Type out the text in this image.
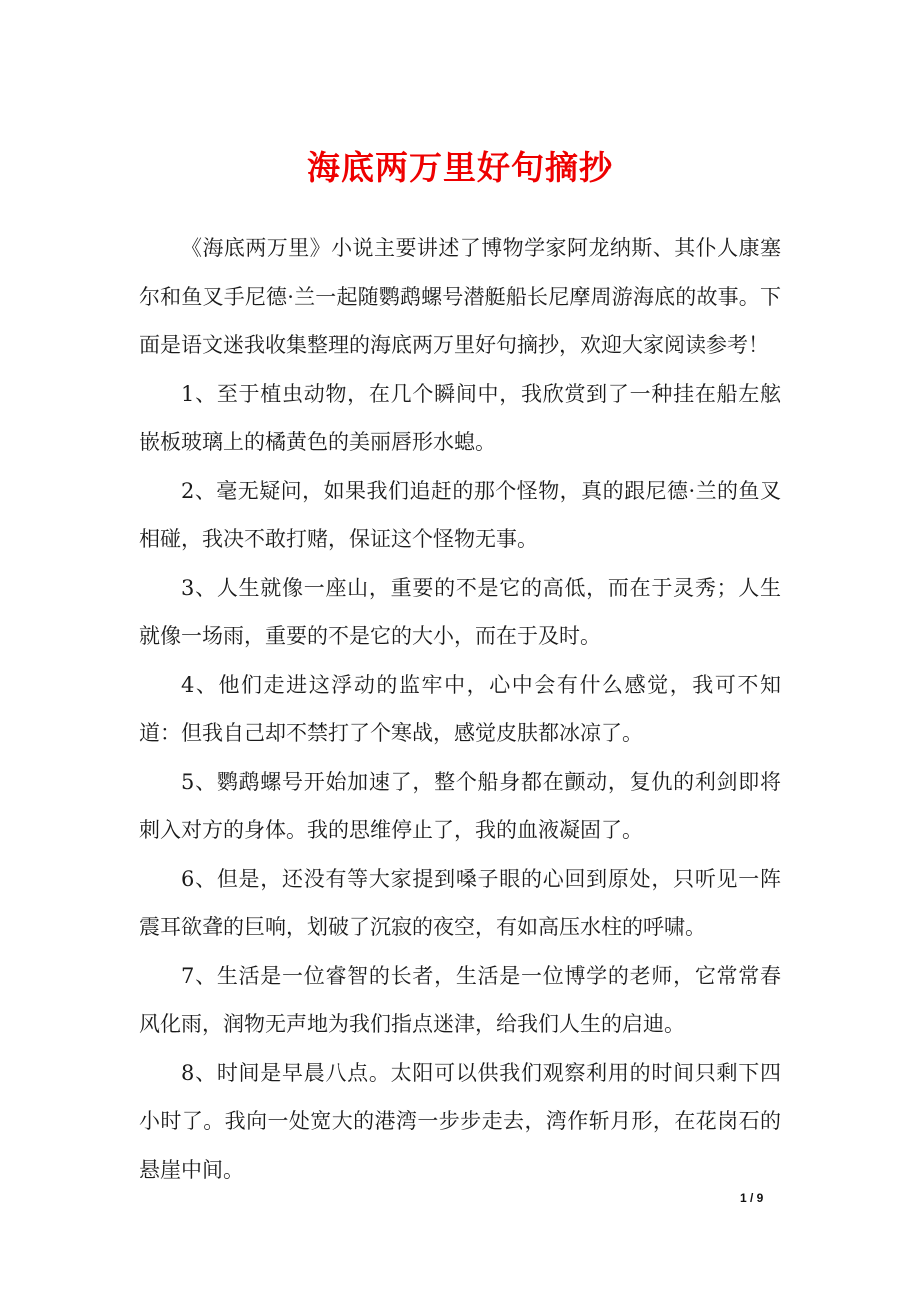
海底两万里好句摘抄

《海底两万里》小说主要讲述了博物学家阿龙纳斯、其仆人康塞尔和鱼叉手尼德·兰一起随鹦鹉螺号潜艇船长尼摩周游海底的故事。下面是语文迷我收集整理的海底两万里好句摘抄，欢迎大家阅读参考！

1、至于植虫动物，在几个瞬间中，我欣赏到了一种挂在船左舷嵌板玻璃上的橘黄色的美丽唇形水螅。

2、毫无疑问，如果我们追赶的那个怪物，真的跟尼德·兰的鱼叉相碰，我决不敢打赌，保证这个怪物无事。

3、人生就像一座山，重要的不是它的高低，而在于灵秀；人生就像一场雨，重要的不是它的大小，而在于及时。

4、他们走进这浮动的监牢中，心中会有什么感觉，我可不知道：但我自己却不禁打了个寒战，感觉皮肤都冰凉了。

5、鹦鹉螺号开始加速了，整个船身都在颤动，复仇的利剑即将刺入对方的身体。我的思维停止了，我的血液凝固了。

6、但是，还没有等大家提到嗓子眼的心回到原处，只听见一阵震耳欲聋的巨响，划破了沉寂的夜空，有如高压水柱的呼啸。

7、生活是一位睿智的长者，生活是一位博学的老师，它常常春风化雨，润物无声地为我们指点迷津，给我们人生的启迪。

8、时间是早晨八点。太阳可以供我们观察利用的时间只剩下四小时了。我向一处宽大的港湾一步步走去，湾作斩月形，在花岗石的悬崖中间。

1 / 9
